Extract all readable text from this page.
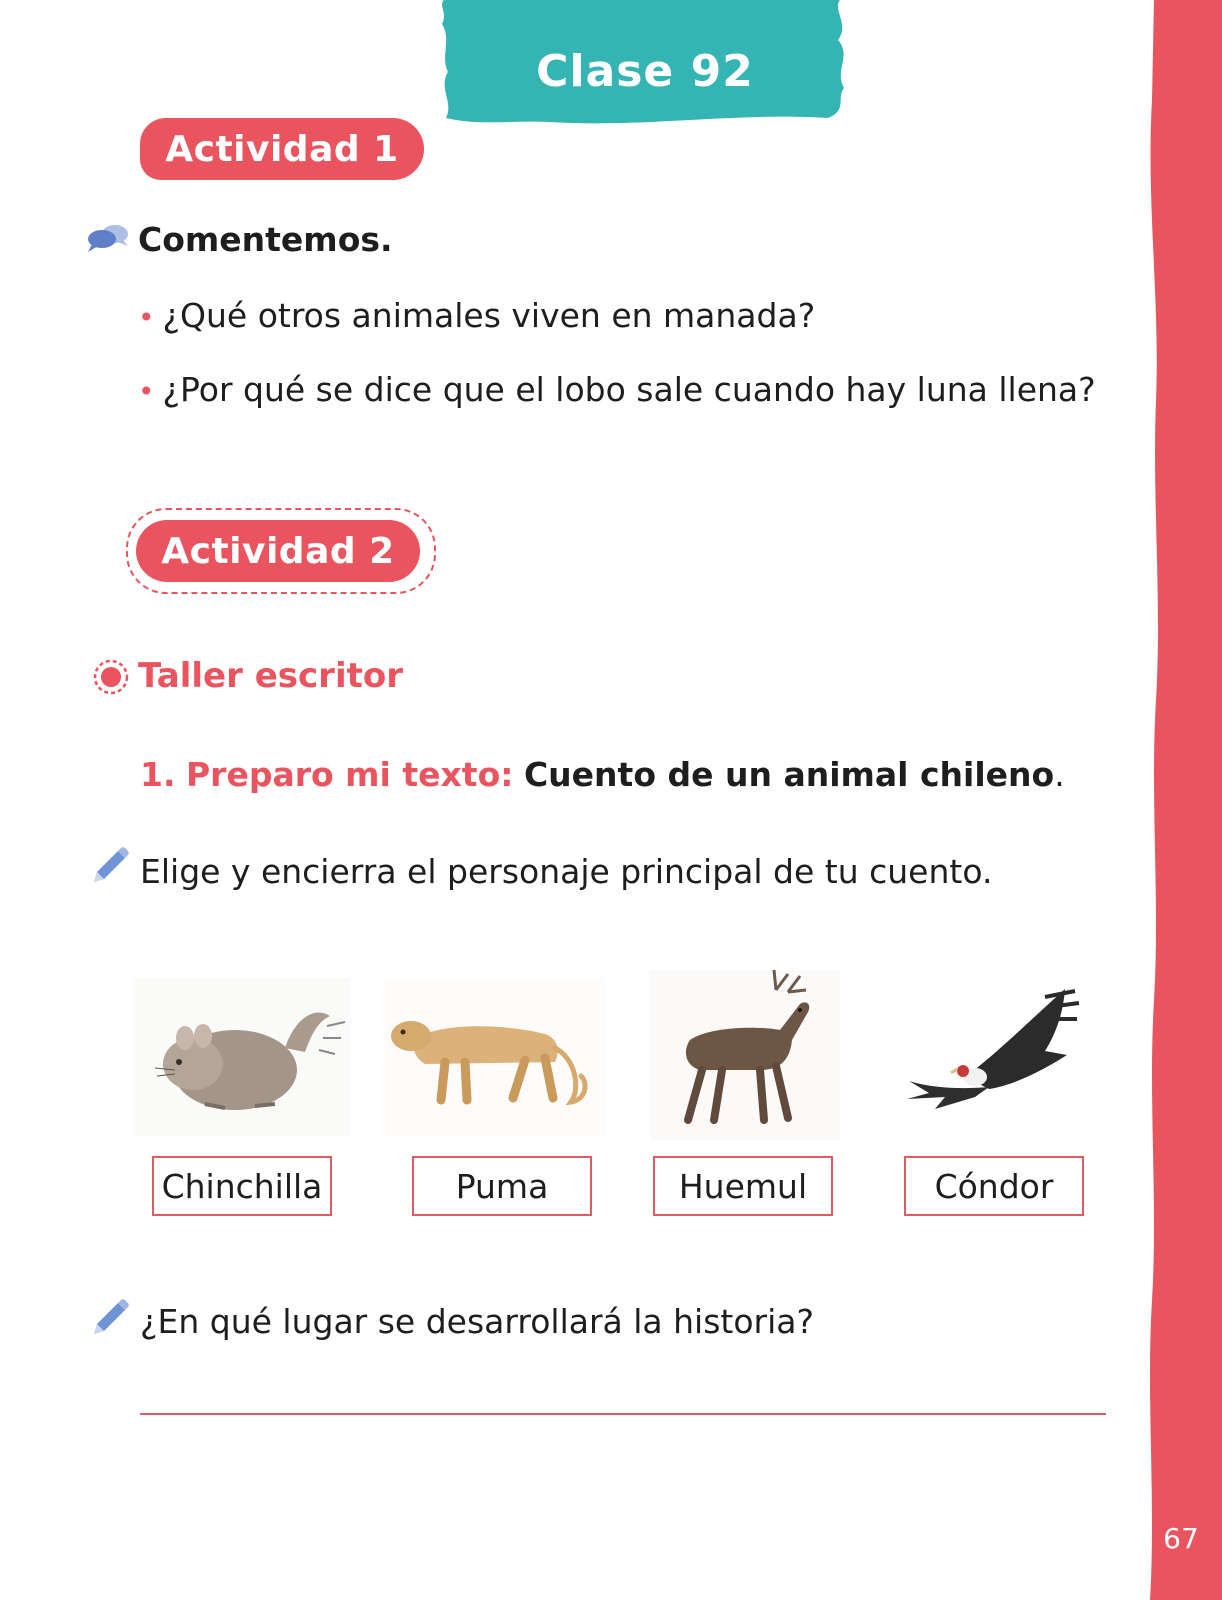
67
Clase 92
Actividad 1
Comentemos.
• ¿Qué otros animales viven en manada?
• ¿Por qué se dice que el lobo sale cuando hay luna llena?
Actividad 2
Taller escritor
1. Preparo mi texto: Cuento de un animal chileno.
Elige y encierra el personaje principal de tu cuento.
Chinchilla	Puma	Huemul	Cóndor
¿En qué lugar se desarrollará la historia?
